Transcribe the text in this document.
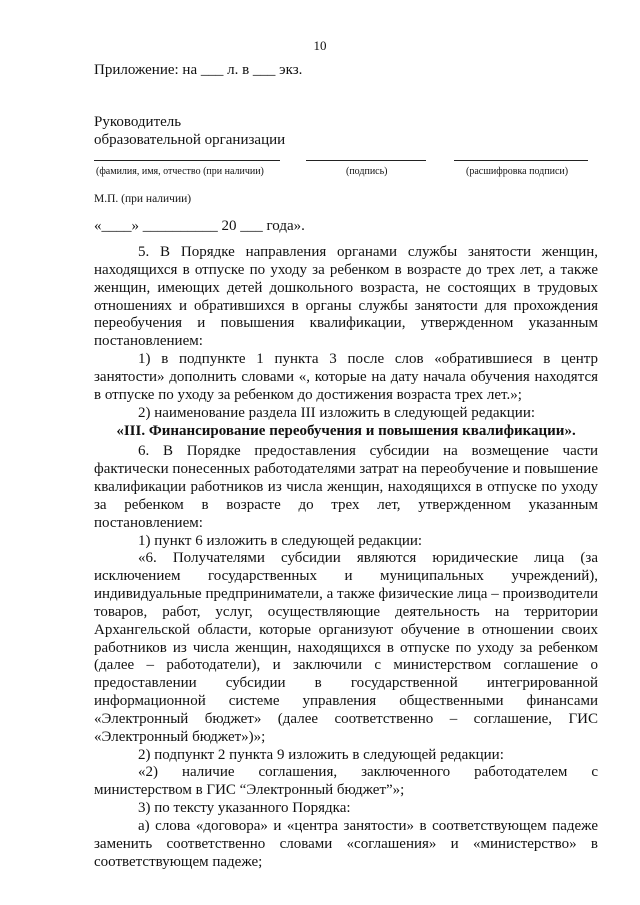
10
Приложение: на ___ л. в ___ экз.
Руководитель
образовательной организации
(фамилия, имя, отчество (при наличии)	(подпись)	(расшифровка подписи)
М.П. (при наличии)
«____» __________ 20 ___ года».

5. В Порядке направления органами службы занятости женщин, находящихся в отпуске по уходу за ребенком в возрасте до трех лет, а также женщин, имеющих детей дошкольного возраста, не состоящих в трудовых отношениях и обратившихся в органы службы занятости для прохождения переобучения и повышения квалификации, утвержденном указанным постановлением:

1) в подпункте 1 пункта 3 после слов «обратившиеся в центр занятости» дополнить словами «, которые на дату начала обучения находятся в отпуске по уходу за ребенком до достижения возраста трех лет.»;

2) наименование раздела III изложить в следующей редакции:

«III. Финансирование переобучения и повышения квалификации».

6. В Порядке предоставления субсидии на возмещение части фактически понесенных работодателями затрат на переобучение и повышение квалификации работников из числа женщин, находящихся в отпуске по уходу за ребенком в возрасте до трех лет, утвержденном указанным постановлением:

1) пункт 6 изложить в следующей редакции:

«6. Получателями субсидии являются юридические лица (за исключением государственных и муниципальных учреждений), индивидуальные предприниматели, а также физические лица – производители товаров, работ, услуг, осуществляющие деятельность на территории Архангельской области, которые организуют обучение в отношении своих работников из числа женщин, находящихся в отпуске по уходу за ребенком (далее – работодатели), и заключили с министерством соглашение о предоставлении субсидии в государственной интегрированной информационной системе управления общественными финансами «Электронный бюджет» (далее соответственно – соглашение, ГИС «Электронный бюджет»)»;

2) подпункт 2 пункта 9 изложить в следующей редакции:

«2) наличие соглашения, заключенного работодателем с министерством в ГИС “Электронный бюджет”»;

3) по тексту указанного Порядка:

а) слова «договора» и «центра занятости» в соответствующем падеже заменить соответственно словами «соглашения» и «министерство» в соответствующем падеже;
